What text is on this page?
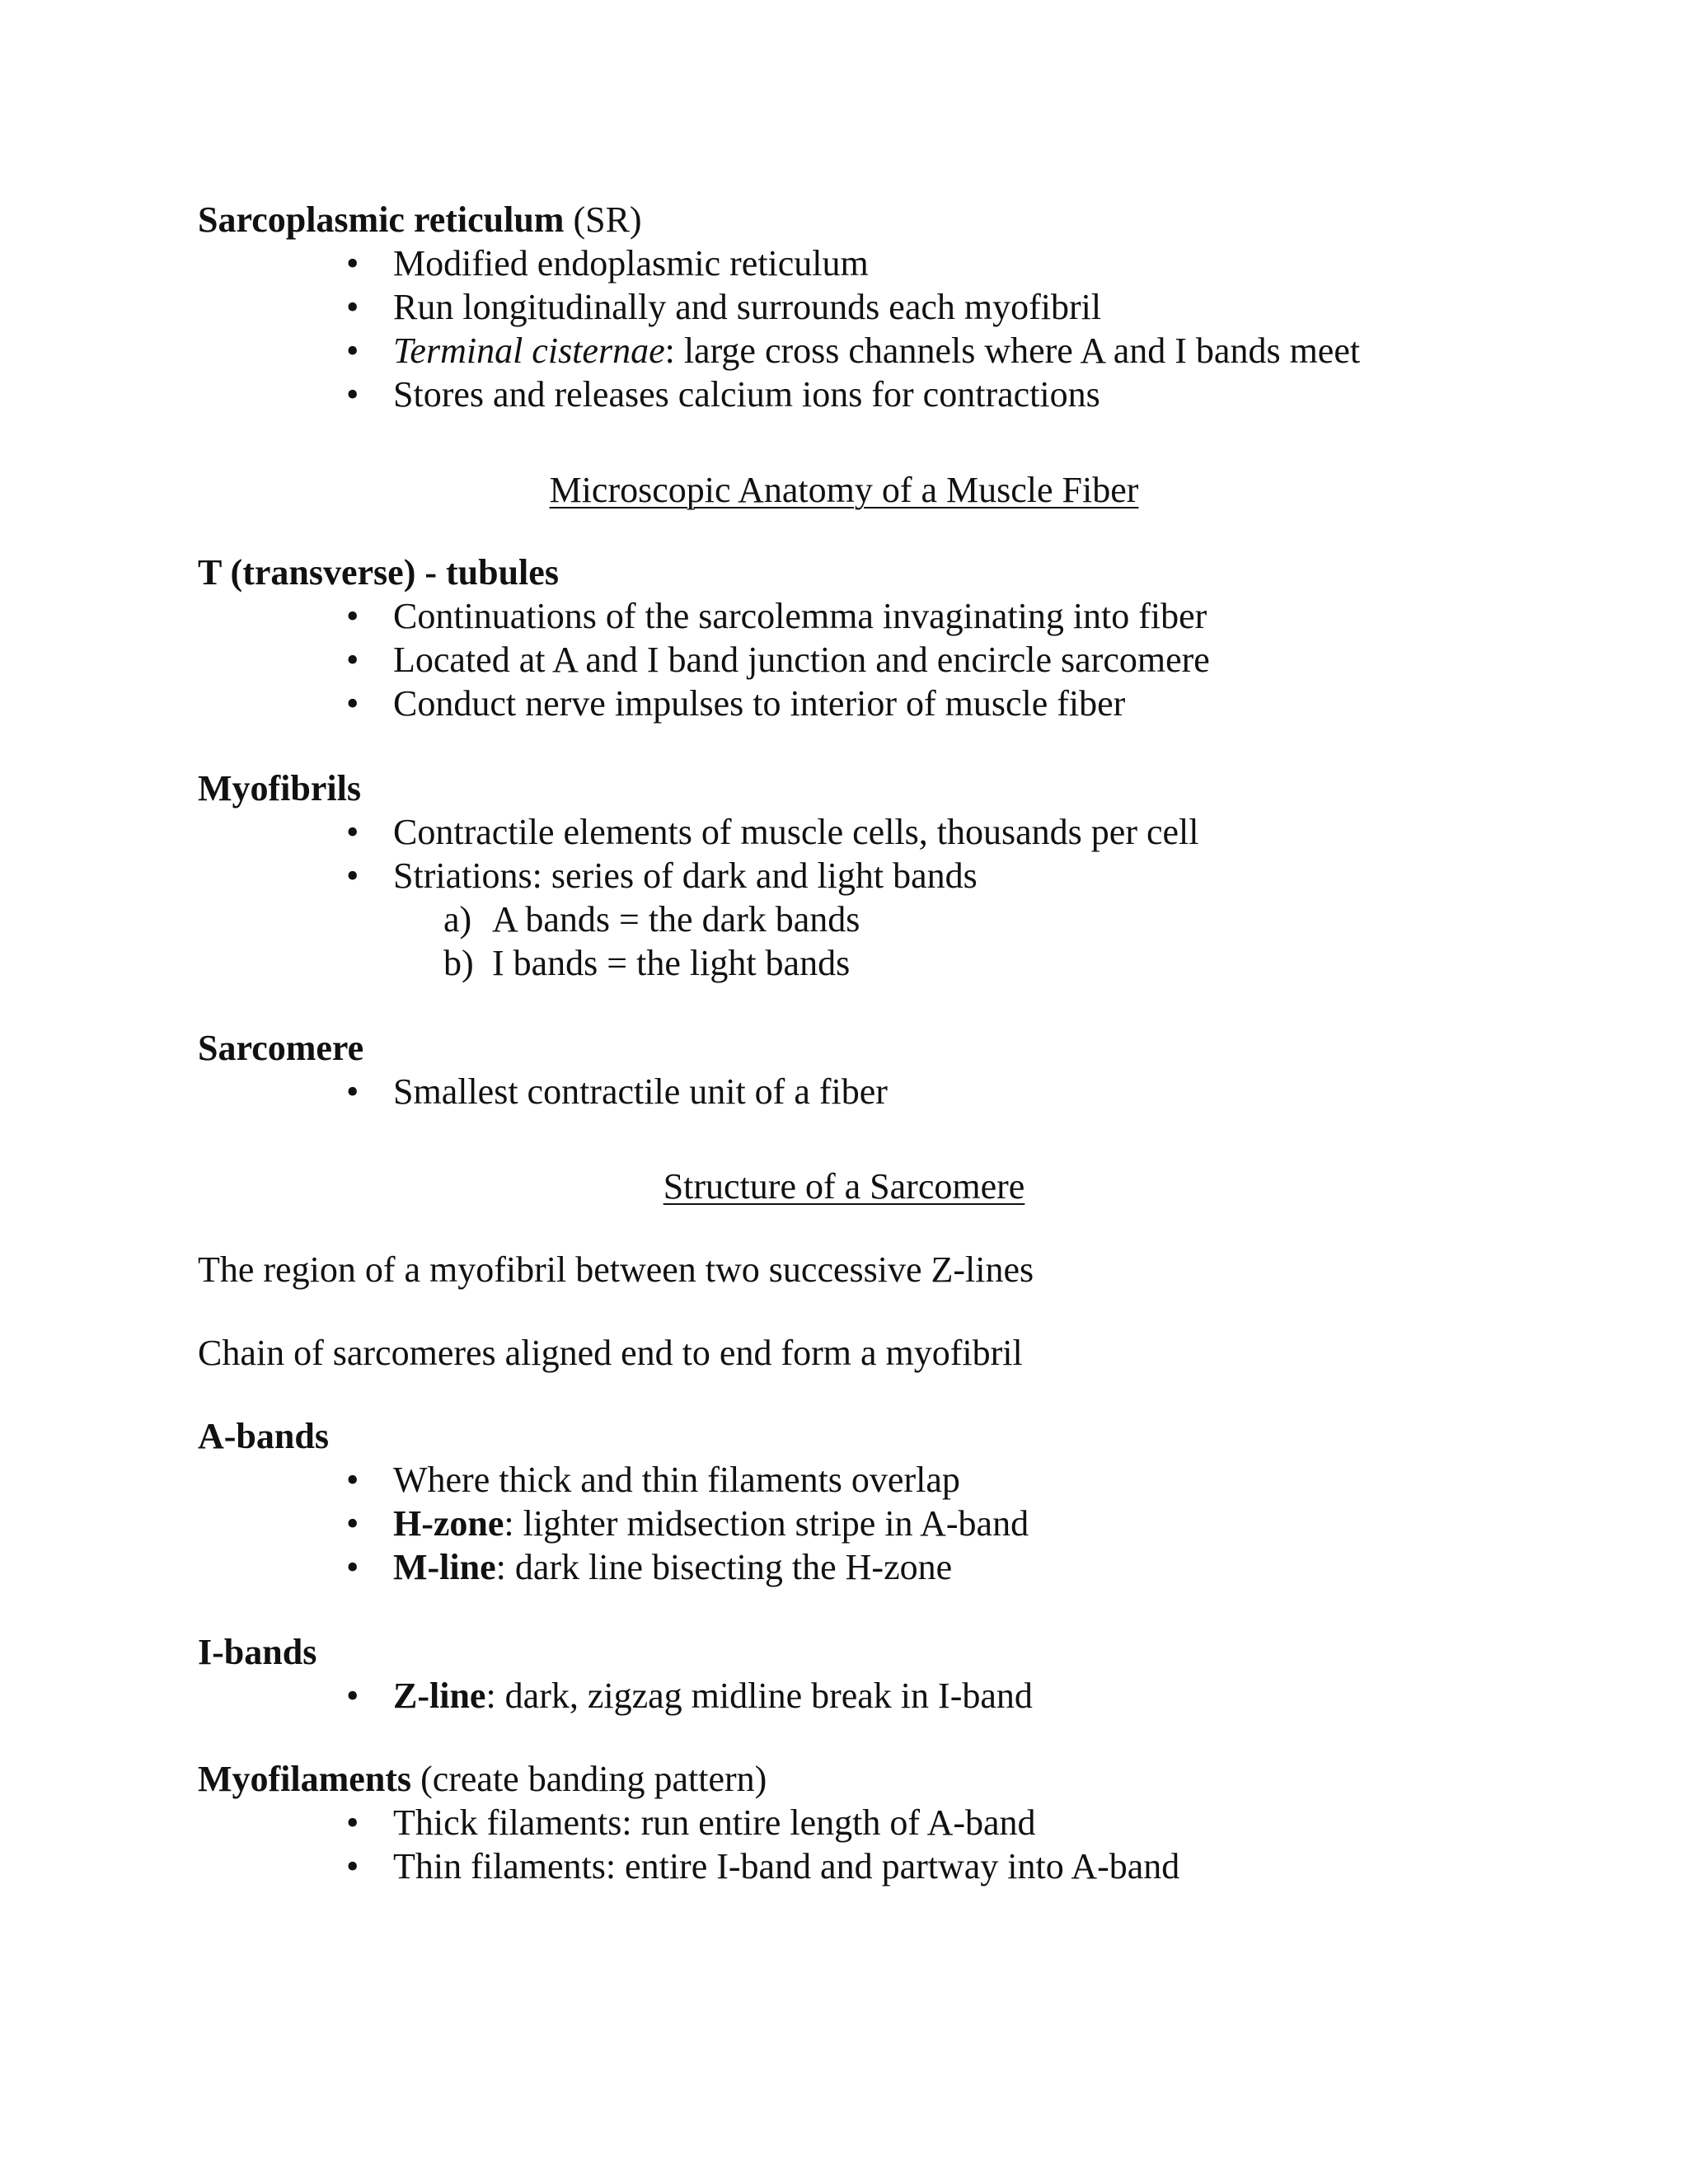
Sarcoplasmic reticulum (SR)
• Modified endoplasmic reticulum
• Run longitudinally and surrounds each myofibril
• Terminal cisternae: large cross channels where A and I bands meet
• Stores and releases calcium ions for contractions
Microscopic Anatomy of a Muscle Fiber
T (transverse) - tubules
• Continuations of the sarcolemma invaginating into fiber
• Located at A and I band junction and encircle sarcomere
• Conduct nerve impulses to interior of muscle fiber
Myofibrils
• Contractile elements of muscle cells, thousands per cell
• Striations: series of dark and light bands
a) A bands = the dark bands
b) I bands = the light bands
Sarcomere
• Smallest contractile unit of a fiber
Structure of a Sarcomere
The region of a myofibril between two successive Z-lines
Chain of sarcomeres aligned end to end form a myofibril
A-bands
• Where thick and thin filaments overlap
• H-zone: lighter midsection stripe in A-band
• M-line: dark line bisecting the H-zone
I-bands
• Z-line: dark, zigzag midline break in I-band
Myofilaments (create banding pattern)
• Thick filaments: run entire length of A-band
• Thin filaments: entire I-band and partway into A-band
